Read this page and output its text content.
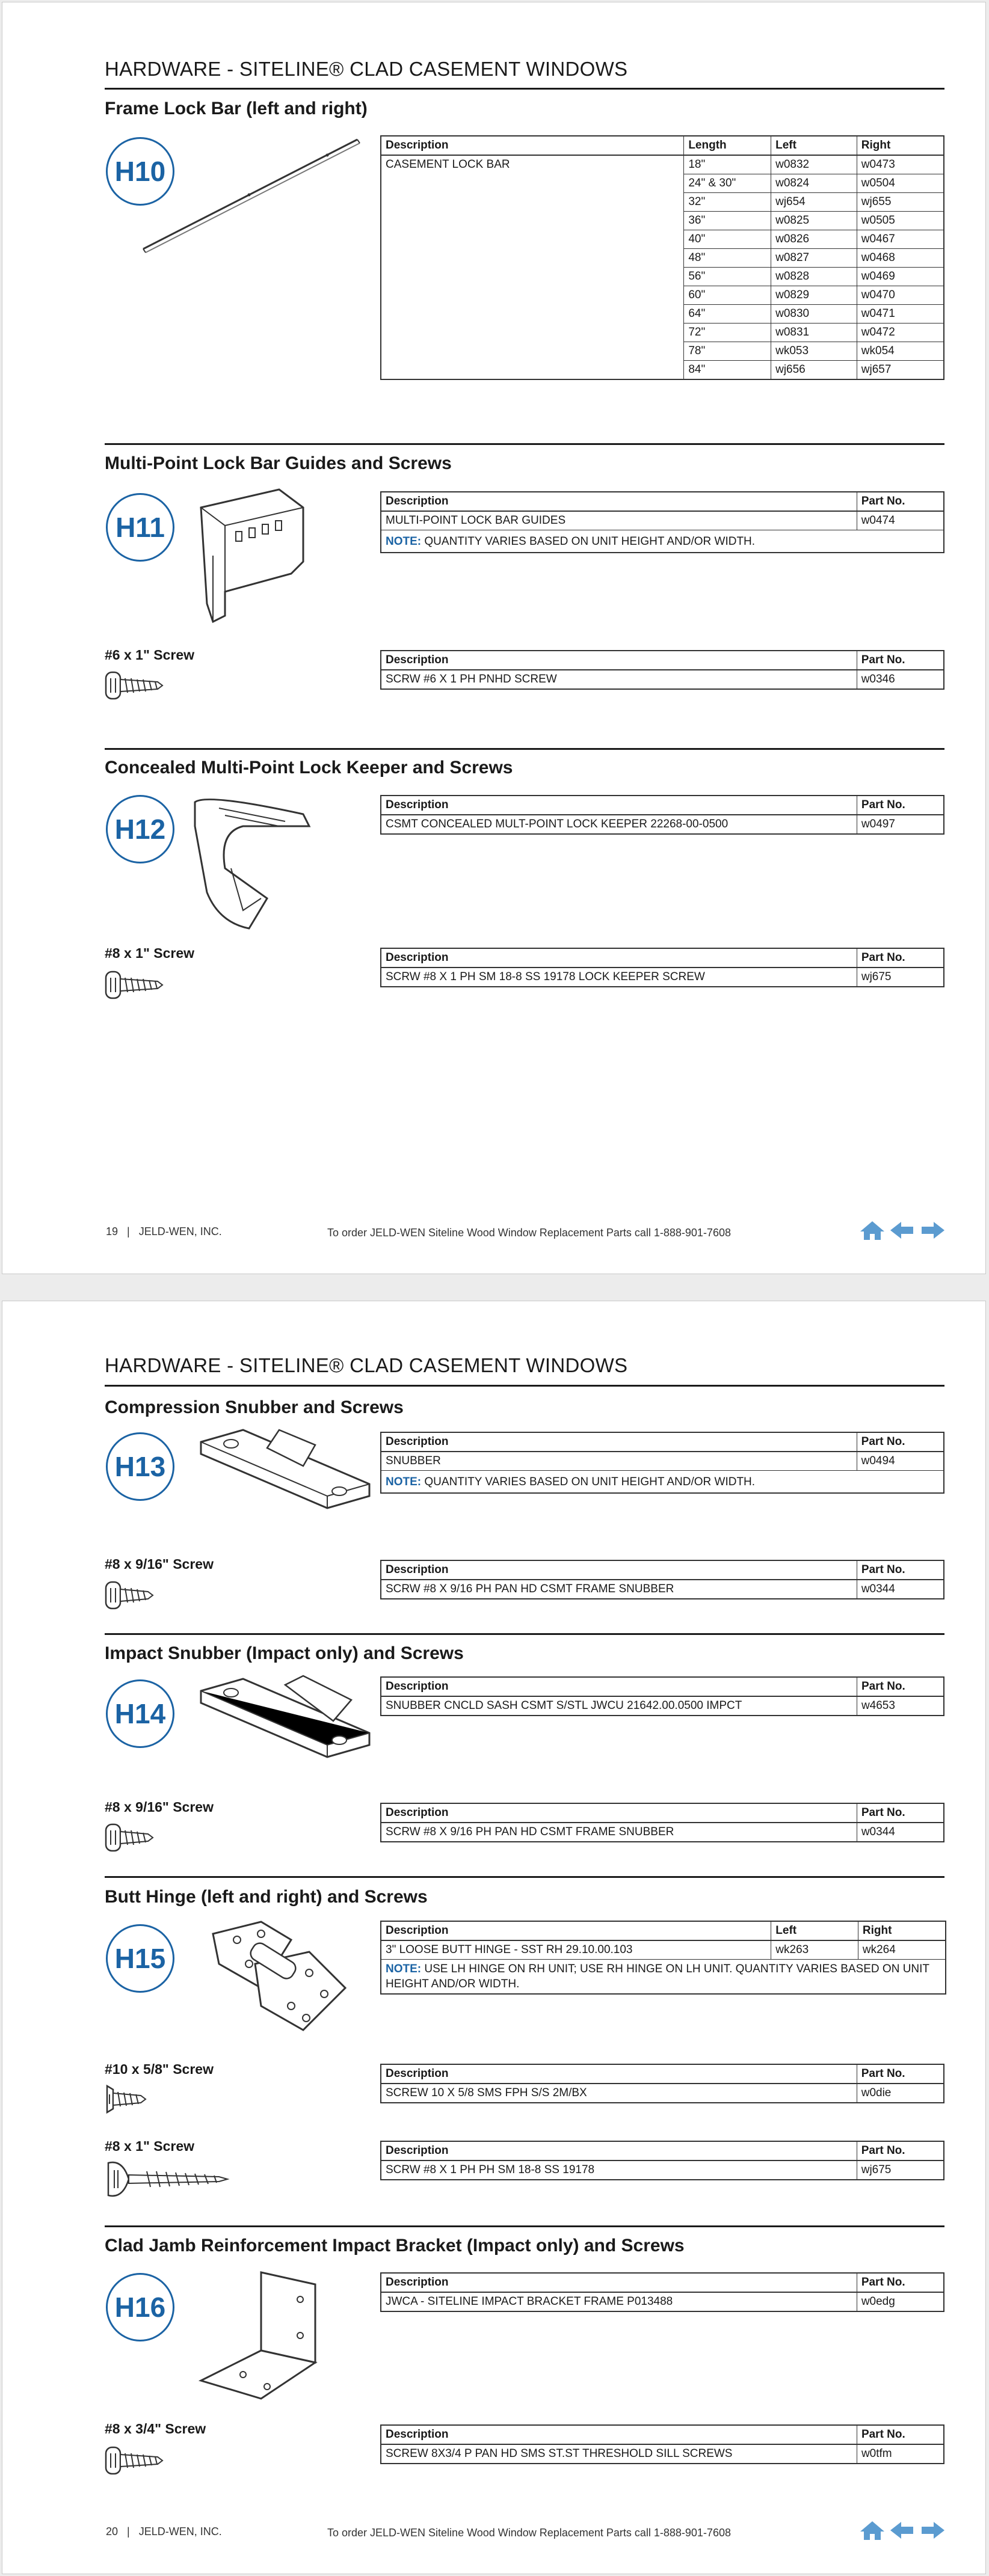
HARDWARE - SITELINE® CLAD CASEMENT WINDOWS
Frame Lock Bar (left and right)
H10
Description	Length	Left	Right
CASEMENT LOCK BAR	18"	w0832	w0473
	24" & 30"	w0824	w0504
	32"	wj654	wj655
	36"	w0825	w0505
	40"	w0826	w0467
	48"	w0827	w0468
	56"	w0828	w0469
	60"	w0829	w0470
	64"	w0830	w0471
	72"	w0831	w0472
	78"	wk053	wk054
	84"	wj656	wj657
Multi-Point Lock Bar Guides and Screws
H11
Description	Part No.
MULTI-POINT LOCK BAR GUIDES	w0474
NOTE: QUANTITY VARIES BASED ON UNIT HEIGHT AND/OR WIDTH.	
#6 x 1" Screw	Description	Part No.
SCRW #6 X 1 PH PNHD SCREW	w0346
Concealed Multi-Point Lock Keeper and Screws
H12
Description	Part No.
CSMT CONCEALED MULT-POINT LOCK KEEPER 22268-00-0500	w0497
#8 x 1" Screw	Description	Part No.
SCRW #8 X 1 PH SM 18-8 SS 19178 LOCK KEEPER SCREW	wj675
19 | JELD-WEN, INC.	To order JELD-WEN Siteline Wood Window Replacement Parts call 1-888-901-7608
HARDWARE - SITELINE® CLAD CASEMENT WINDOWS
Compression Snubber and Screws
H13
Description	Part No.
SNUBBER	w0494
NOTE: QUANTITY VARIES BASED ON UNIT HEIGHT AND/OR WIDTH.	
#8 x 9/16" Screw	Description	Part No.
SCRW #8 X 9/16 PH PAN HD CSMT FRAME SNUBBER	w0344
Impact Snubber (Impact only) and Screws
H14
Description	Part No.
SNUBBER CNCLD SASH CSMT S/STL JWCU 21642.00.0500 IMPCT	w4653
#8 x 9/16" Screw	Description	Part No.
SCRW #8 X 9/16 PH PAN HD CSMT FRAME SNUBBER	w0344
Butt Hinge (left and right) and Screws
H15
Description	Left	Right
3" LOOSE BUTT HINGE - SST RH 29.10.00.103	wk263	wk264
NOTE: USE LH HINGE ON RH UNIT; USE RH HINGE ON LH UNIT. QUANTITY VARIES BASED ON UNIT HEIGHT AND/OR WIDTH.		
#10 x 5/8" Screw	Description	Part No.
SCREW 10 X 5/8 SMS FPH S/S 2M/BX	w0die
#8 x 1" Screw	Description	Part No.
SCRW #8 X 1 PH PH SM 18-8 SS 19178	wj675
Clad Jamb Reinforcement Impact Bracket (Impact only) and Screws
H16
Description	Part No.
JWCA - SITELINE IMPACT BRACKET FRAME P013488	w0edg
#8 x 3/4" Screw	Description	Part No.
SCREW 8X3/4 P PAN HD SMS ST.ST THRESHOLD SILL SCREWS	w0tfm
20 | JELD-WEN, INC.	To order JELD-WEN Siteline Wood Window Replacement Parts call 1-888-901-7608
